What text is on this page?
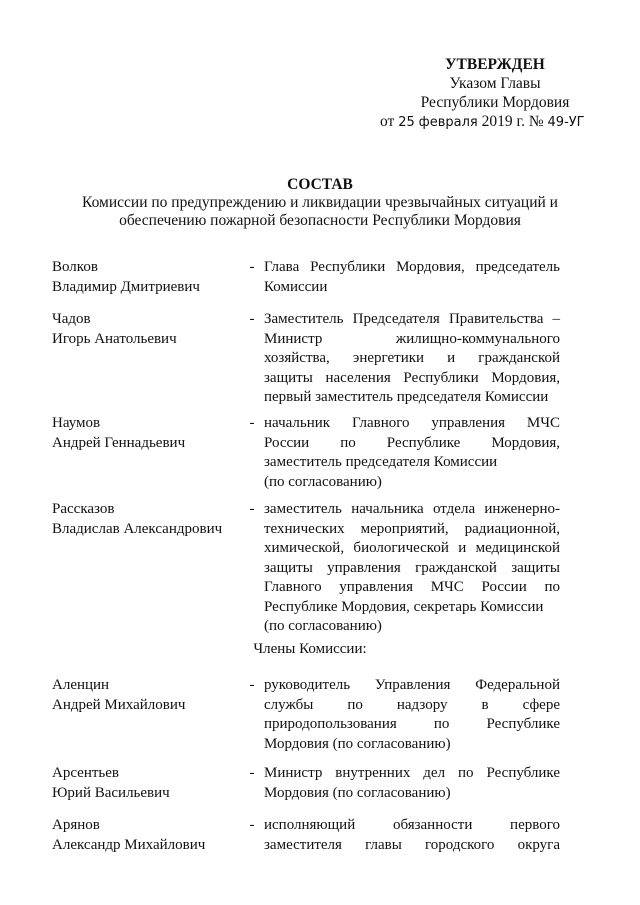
УТВЕРЖДЕН
Указом Главы
Республики Мордовия
от 25 февраля 2019 г. № 49-УГ
СОСТАВ
Комиссии по предупреждению и ликвидации чрезвычайных ситуаций и
обеспечению пожарной безопасности Республики Мордовия
Волков
Владимир Дмитриевич
- Глава Республики Мордовия, председатель
Комиссии
Чадов
Игорь Анатольевич
- Заместитель Председателя Правительства –
Министр жилищно-коммунального
хозяйства, энергетики и гражданской
защиты населения Республики Мордовия,
первый заместитель председателя Комиссии
Наумов
Андрей Геннадьевич
- начальник Главного управления МЧС
России по Республике Мордовия,
заместитель председателя Комиссии
(по согласованию)
Рассказов
Владислав Александрович
- заместитель начальника отдела инженерно-
технических мероприятий, радиационной,
химической, биологической и медицинской
защиты управления гражданской защиты
Главного управления МЧС России по
Республике Мордовия, секретарь Комиссии
(по согласованию)
Члены Комиссии:
Аленцин
Андрей Михайлович
- руководитель Управления Федеральной
службы по надзору в сфере
природопользования по Республике
Мордовия (по согласованию)
Арсентьев
Юрий Васильевич
- Министр внутренних дел по Республике
Мордовия (по согласованию)
Арянов
Александр Михайлович
- исполняющий обязанности первого
заместителя главы городского округа
